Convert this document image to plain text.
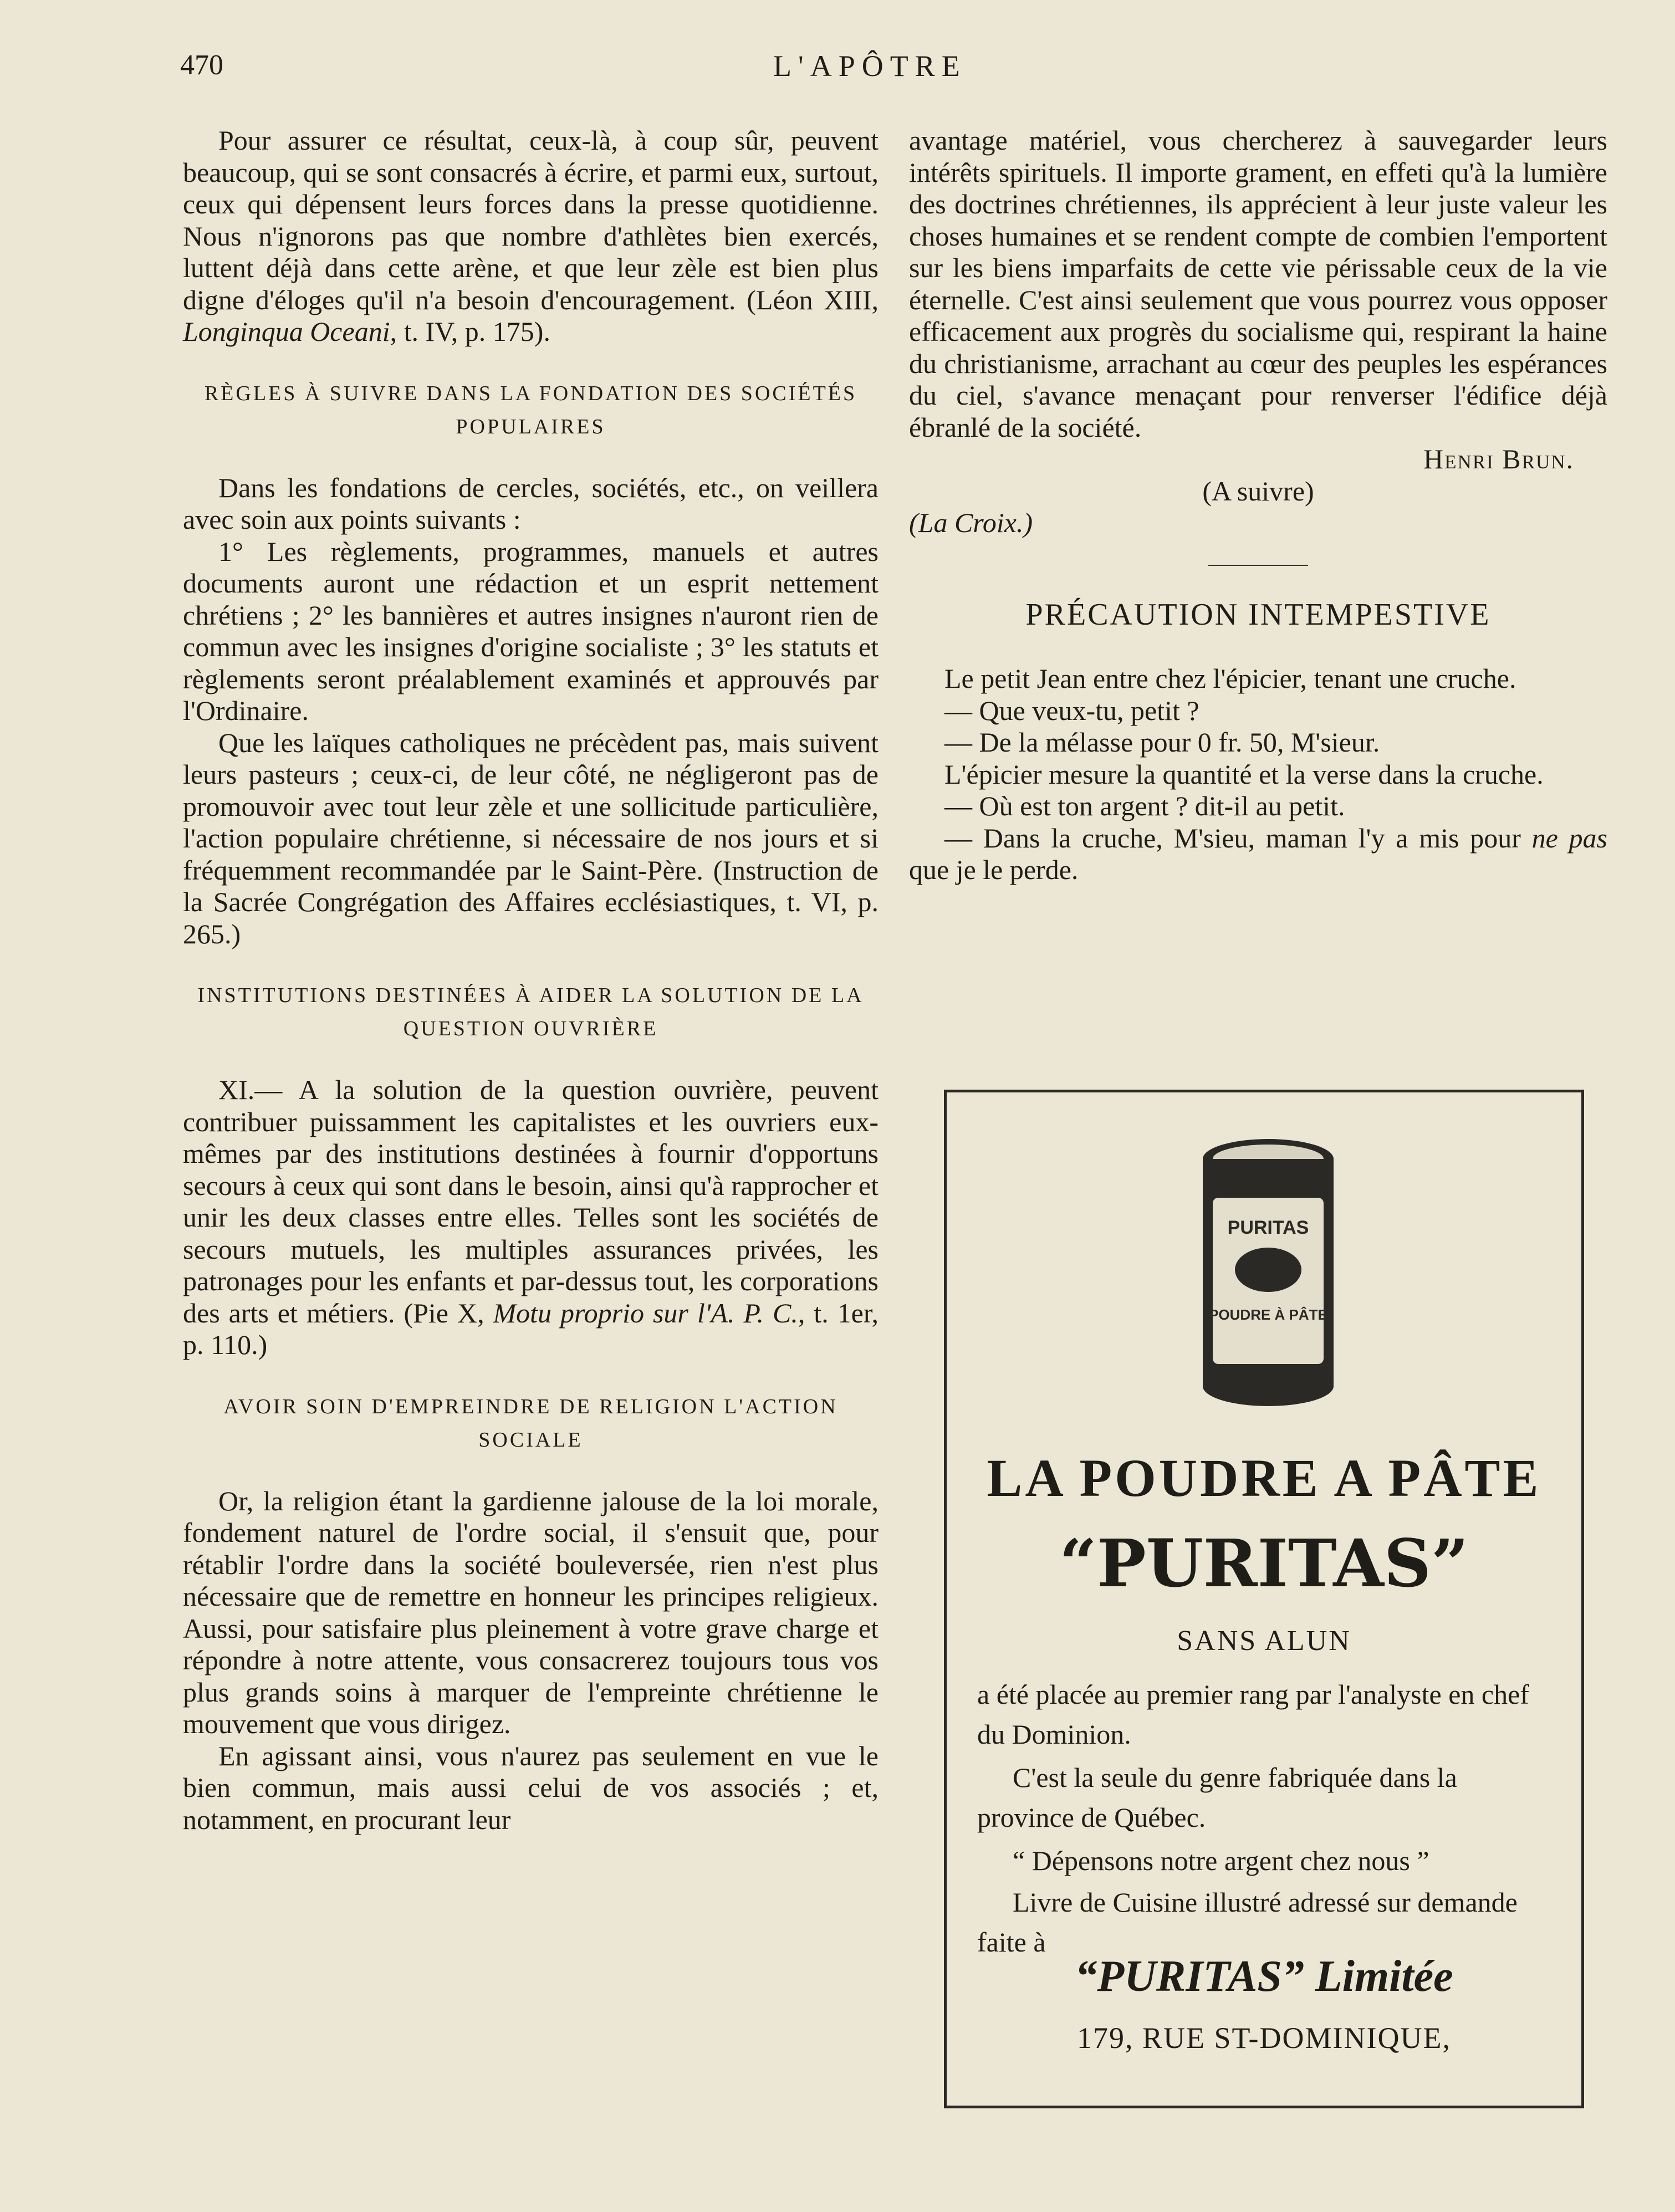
470	L'APÔTRE

Pour assurer ce résultat, ceux-là, à coup sûr, peuvent beaucoup, qui se sont consacrés à écrire, et parmi eux, surtout, ceux qui dépensent leurs forces dans la presse quotidienne. Nous n'ignorons pas que nombre d'athlètes bien exercés, luttent déjà dans cette arène, et que leur zèle est bien plus digne d'éloges qu'il n'a besoin d'encouragement. (Léon XIII, Longinqua Oceani, t. IV, p. 175).

RÈGLES À SUIVRE DANS LA FONDATION DES SOCIÉTÉS POPULAIRES

Dans les fondations de cercles, sociétés, etc., on veillera avec soin aux points suivants :

1° Les règlements, programmes, manuels et autres documents auront une rédaction et un esprit nettement chrétiens ; 2° les bannières et autres insignes n'auront rien de commun avec les insignes d'origine socialiste ; 3° les statuts et règlements seront préalablement examinés et approuvés par l'Ordinaire.

Que les laïques catholiques ne précèdent pas, mais suivent leurs pasteurs ; ceux-ci, de leur côté, ne négligeront pas de promouvoir avec tout leur zèle et une sollicitude particulière, l'action populaire chrétienne, si nécessaire de nos jours et si fréquemment recommandée par le Saint-Père. (Instruction de la Sacrée Congrégation des Affaires ecclésiastiques, t. VI, p. 265.)

INSTITUTIONS DESTINÉES À AIDER LA SOLUTION DE LA QUESTION OUVRIÈRE

XI.— A la solution de la question ouvrière, peuvent contribuer puissamment les capitalistes et les ouvriers eux-mêmes par des institutions destinées à fournir d'opportuns secours à ceux qui sont dans le besoin, ainsi qu'à rapprocher et unir les deux classes entre elles. Telles sont les sociétés de secours mutuels, les multiples assurances privées, les patronages pour les enfants et par-dessus tout, les corporations des arts et métiers. (Pie X, Motu proprio sur l'A. P. C., t. 1er, p. 110.)

AVOIR SOIN D'EMPREINDRE DE RELIGION L'ACTION SOCIALE

Or, la religion étant la gardienne jalouse de la loi morale, fondement naturel de l'ordre social, il s'ensuit que, pour rétablir l'ordre dans la société bouleversée, rien n'est plus nécessaire que de remettre en honneur les principes religieux. Aussi, pour satisfaire plus pleinement à votre grave charge et répondre à notre attente, vous consacrerez toujours tous vos plus grands soins à marquer de l'empreinte chrétienne le mouvement que vous dirigez.

En agissant ainsi, vous n'aurez pas seulement en vue le bien commun, mais aussi celui de vos associés ; et, notamment, en procurant leur

avantage matériel, vous chercherez à sauvegarder leurs intérêts spirituels. Il importe grament, en effeti qu'à la lumière des doctrines chrétiennes, ils apprécient à leur juste valeur les choses humaines et se rendent compte de combien l'emportent sur les biens imparfaits de cette vie périssable ceux de la vie éternelle. C'est ainsi seulement que vous pourrez vous opposer efficacement aux progrès du socialisme qui, respirant la haine du christianisme, arrachant au cœur des peuples les espérances du ciel, s'avance menaçant pour renverser l'édifice déjà ébranlé de la société.

Henri Brun.
(A suivre)
(La Croix.)
PRÉCAUTION INTEMPESTIVE

Le petit Jean entre chez l'épicier, tenant une cruche.

— Que veux-tu, petit ?

— De la mélasse pour 0 fr. 50, M'sieur.

L'épicier mesure la quantité et la verse dans la cruche.

— Où est ton argent ? dit-il au petit.

— Dans la cruche, M'sieu, maman l'y a mis pour ne pas que je le perde.

PURITAS
POUDRE À PÂTE
LA POUDRE A PÂTE
“PURITAS”
SANS ALUN
a été placée au premier rang par l'analyste en chef du Dominion.
C'est la seule du genre fabriquée dans la province de Québec.
“ Dépensons notre argent chez nous ”
Livre de Cuisine illustré adressé sur demande faite à
“PURITAS” Limitée
179, RUE ST-DOMINIQUE,
